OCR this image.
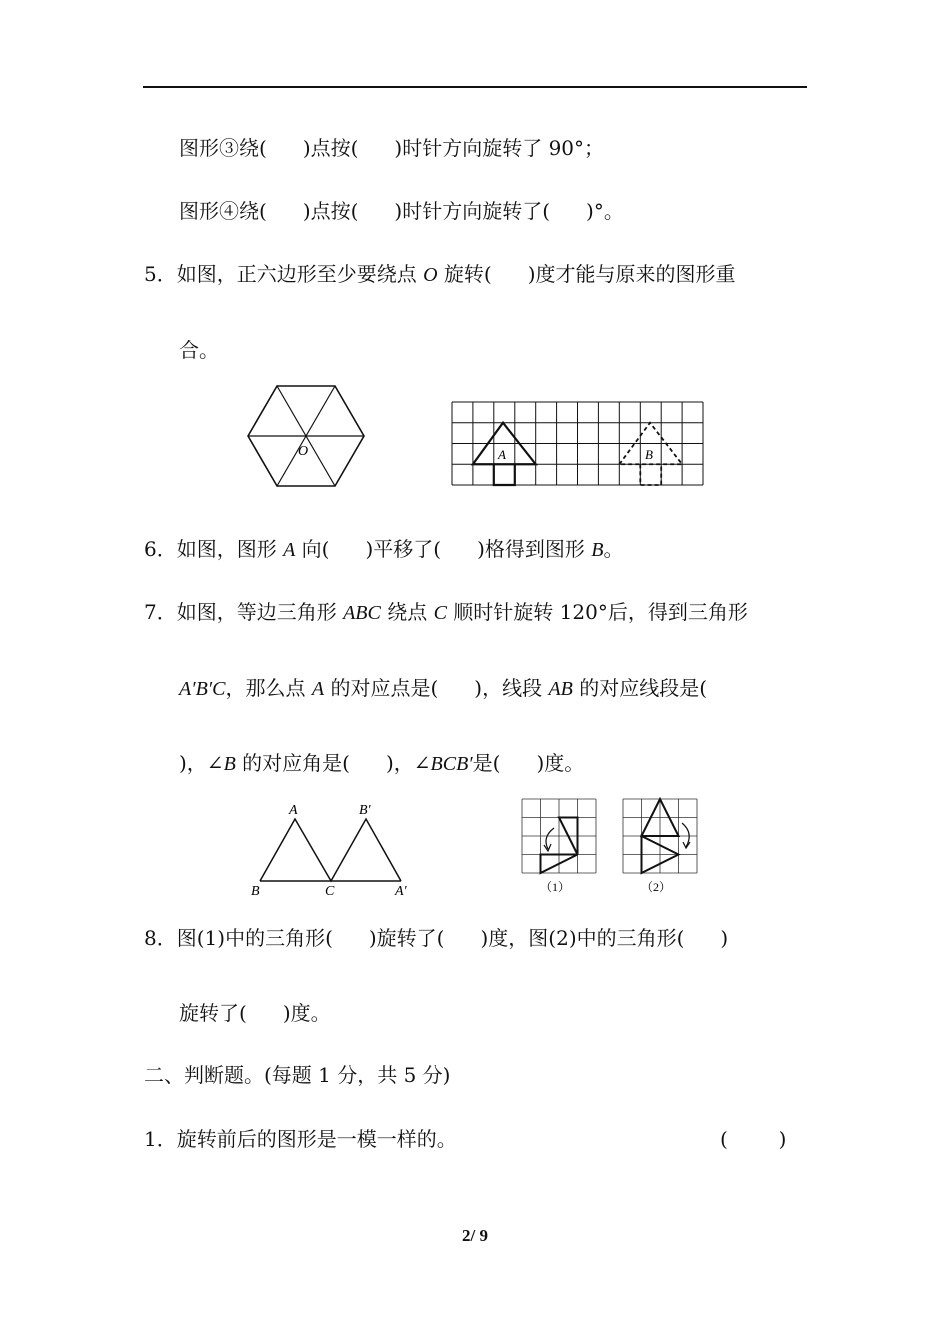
图形③绕( )点按( )时针方向旋转了 90°；
图形④绕( )点按( )时针方向旋转了( )°。
5．如图，正六边形至少要绕点 O 旋转( )度才能与原来的图形重
合。
O	A	B
6．如图，图形 A 向( )平移了( )格得到图形 B。
7．如图，等边三角形 ABC 绕点 C 顺时针旋转 120°后，得到三角形
A′B′C，那么点 A 的对应点是( )，线段 AB 的对应线段是(
)，∠B 的对应角是( )，∠BCB′是( )度。
A
B	C
B′
A′	（1）	（2）
8．图(1)中的三角形( )旋转了( )度，图(2)中的三角形( )
旋转了( )度。
二、判断题。(每题 1 分，共 5 分)
1．旋转前后的图形是一模一样的。	(        )
2/ 9
